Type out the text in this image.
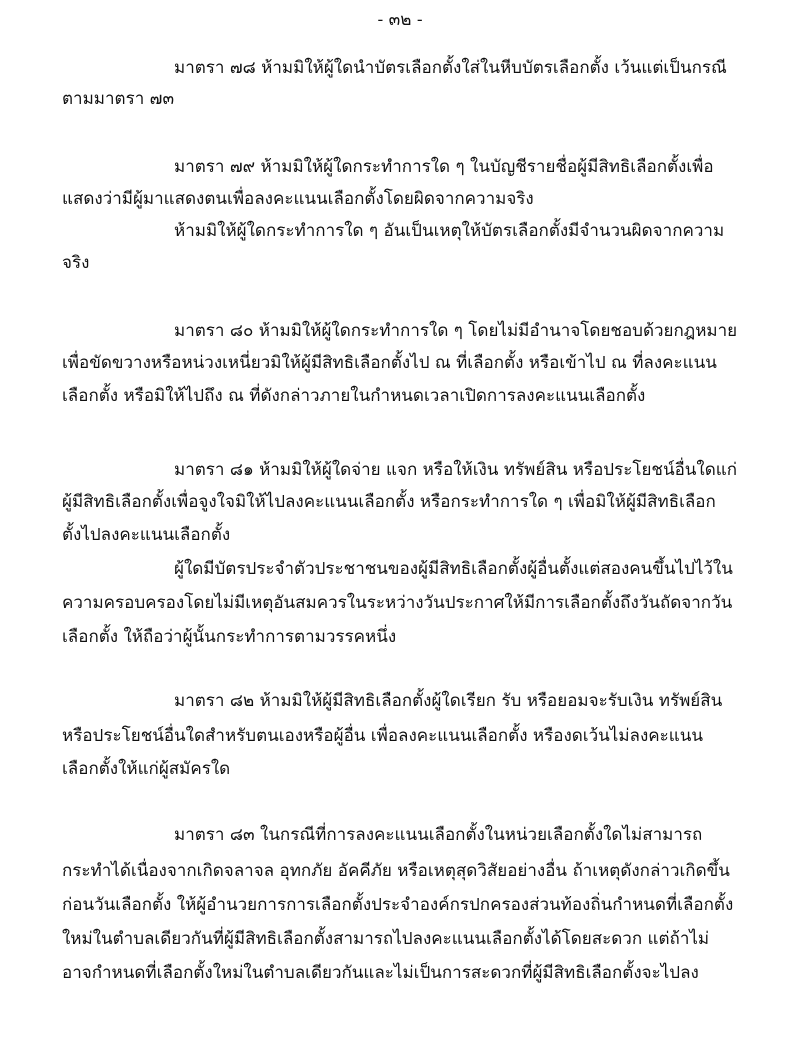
- ๓๒ -
มาตรา ๗๘ ห้ามมิให้ผู้ใดนำบัตรเลือกตั้งใส่ในหีบบัตรเลือกตั้ง เว้นแต่เป็นกรณี
ตามมาตรา ๗๓
มาตรา ๗๙ ห้ามมิให้ผู้ใดกระทำการใด ๆ ในบัญชีรายชื่อผู้มีสิทธิเลือกตั้งเพื่อ
แสดงว่ามีผู้มาแสดงตนเพื่อลงคะแนนเลือกตั้งโดยผิดจากความจริง
ห้ามมิให้ผู้ใดกระทำการใด ๆ อันเป็นเหตุให้บัตรเลือกตั้งมีจำนวนผิดจากความ
จริง
มาตรา ๘๐ ห้ามมิให้ผู้ใดกระทำการใด ๆ โดยไม่มีอำนาจโดยชอบด้วยกฎหมาย
เพื่อขัดขวางหรือหน่วงเหนี่ยวมิให้ผู้มีสิทธิเลือกตั้งไป ณ ที่เลือกตั้ง หรือเข้าไป ณ ที่ลงคะแนน
เลือกตั้ง หรือมิให้ไปถึง ณ ที่ดังกล่าวภายในกำหนดเวลาเปิดการลงคะแนนเลือกตั้ง
มาตรา ๘๑ ห้ามมิให้ผู้ใดจ่าย แจก หรือให้เงิน ทรัพย์สิน หรือประโยชน์อื่นใดแก่
ผู้มีสิทธิเลือกตั้งเพื่อจูงใจมิให้ไปลงคะแนนเลือกตั้ง หรือกระทำการใด ๆ เพื่อมิให้ผู้มีสิทธิเลือก
ตั้งไปลงคะแนนเลือกตั้ง
ผู้ใดมีบัตรประจำตัวประชาชนของผู้มีสิทธิเลือกตั้งผู้อื่นตั้งแต่สองคนขึ้นไปไว้ใน
ความครอบครองโดยไม่มีเหตุอันสมควรในระหว่างวันประกาศให้มีการเลือกตั้งถึงวันถัดจากวัน
เลือกตั้ง ให้ถือว่าผู้นั้นกระทำการตามวรรคหนึ่ง
มาตรา ๘๒ ห้ามมิให้ผู้มีสิทธิเลือกตั้งผู้ใดเรียก รับ หรือยอมจะรับเงิน ทรัพย์สิน
หรือประโยชน์อื่นใดสำหรับตนเองหรือผู้อื่น เพื่อลงคะแนนเลือกตั้ง หรืองดเว้นไม่ลงคะแนน
เลือกตั้งให้แก่ผู้สมัครใด
มาตรา ๘๓ ในกรณีที่การลงคะแนนเลือกตั้งในหน่วยเลือกตั้งใดไม่สามารถ
กระทำได้เนื่องจากเกิดจลาจล อุทกภัย อัคคีภัย หรือเหตุสุดวิสัยอย่างอื่น ถ้าเหตุดังกล่าวเกิดขึ้น
ก่อนวันเลือกตั้ง ให้ผู้อำนวยการการเลือกตั้งประจำองค์กรปกครองส่วนท้องถิ่นกำหนดที่เลือกตั้ง
ใหม่ในตำบลเดียวกันที่ผู้มีสิทธิเลือกตั้งสามารถไปลงคะแนนเลือกตั้งได้โดยสะดวก แต่ถ้าไม่
อาจกำหนดที่เลือกตั้งใหม่ในตำบลเดียวกันและไม่เป็นการสะดวกที่ผู้มีสิทธิเลือกตั้งจะไปลง
